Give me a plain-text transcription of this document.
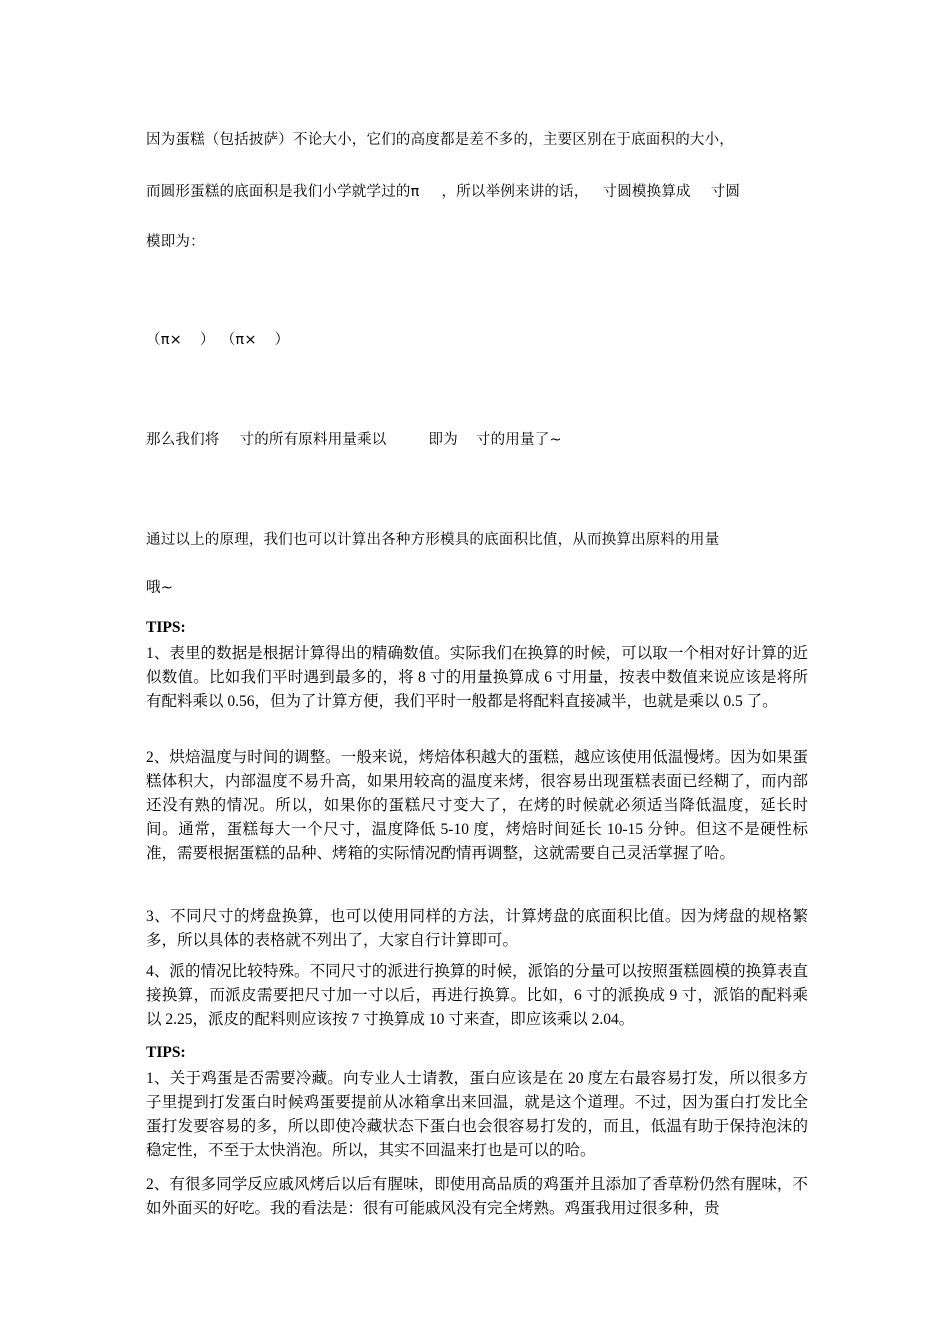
因为蛋糕（包括披萨）不论大小，它们的高度都是差不多的，主要区别在于底面积的大小，
而圆形蛋糕的底面积是我们小学就学过的π ，所以举例来讲的话， 寸圆模换算成 寸圆
模即为：
（π× ） （π× ）
那么我们将 寸的所有原料用量乘以	即为 寸的用量了~
通过以上的原理，我们也可以计算出各种方形模具的底面积比值，从而换算出原料的用量
哦~
TIPS:

1、表里的数据是根据计算得出的精确数值。实际我们在换算的时候，可以取一个相对好计算的近似数值。比如我们平时遇到最多的，将 8 寸的用量换算成 6 寸用量，按表中数值来说应该是将所有配料乘以 0.56，但为了计算方便，我们平时一般都是将配料直接减半，也就是乘以 0.5 了。

2、烘焙温度与时间的调整。一般来说，烤焙体积越大的蛋糕，越应该使用低温慢烤。因为如果蛋糕体积大，内部温度不易升高，如果用较高的温度来烤，很容易出现蛋糕表面已经糊了，而内部还没有熟的情况。所以，如果你的蛋糕尺寸变大了，在烤的时候就必须适当降低温度，延长时间。通常，蛋糕每大一个尺寸，温度降低 5-10 度，烤焙时间延长 10-15 分钟。但这不是硬性标准，需要根据蛋糕的品种、烤箱的实际情况酌情再调整，这就需要自己灵活掌握了哈。

3、不同尺寸的烤盘换算，也可以使用同样的方法，计算烤盘的底面积比值。因为烤盘的规格繁多，所以具体的表格就不列出了，大家自行计算即可。

4、派的情况比较特殊。不同尺寸的派进行换算的时候，派馅的分量可以按照蛋糕圆模的换算表直接换算，而派皮需要把尺寸加一寸以后，再进行换算。比如，6 寸的派换成 9 寸，派馅的配料乘以 2.25，派皮的配料则应该按 7 寸换算成 10 寸来查，即应该乘以 2.04。

TIPS:

1、关于鸡蛋是否需要冷藏。向专业人士请教，蛋白应该是在 20 度左右最容易打发，所以很多方子里提到打发蛋白时候鸡蛋要提前从冰箱拿出来回温，就是这个道理。不过，因为蛋白打发比全蛋打发要容易的多，所以即使冷藏状态下蛋白也会很容易打发的，而且，低温有助于保持泡沫的稳定性，不至于太快消泡。所以，其实不回温来打也是可以的哈。

2、有很多同学反应戚风烤后以后有腥味，即使用高品质的鸡蛋并且添加了香草粉仍然有腥味，不如外面买的好吃。我的看法是：很有可能戚风没有完全烤熟。鸡蛋我用过很多种，贵
